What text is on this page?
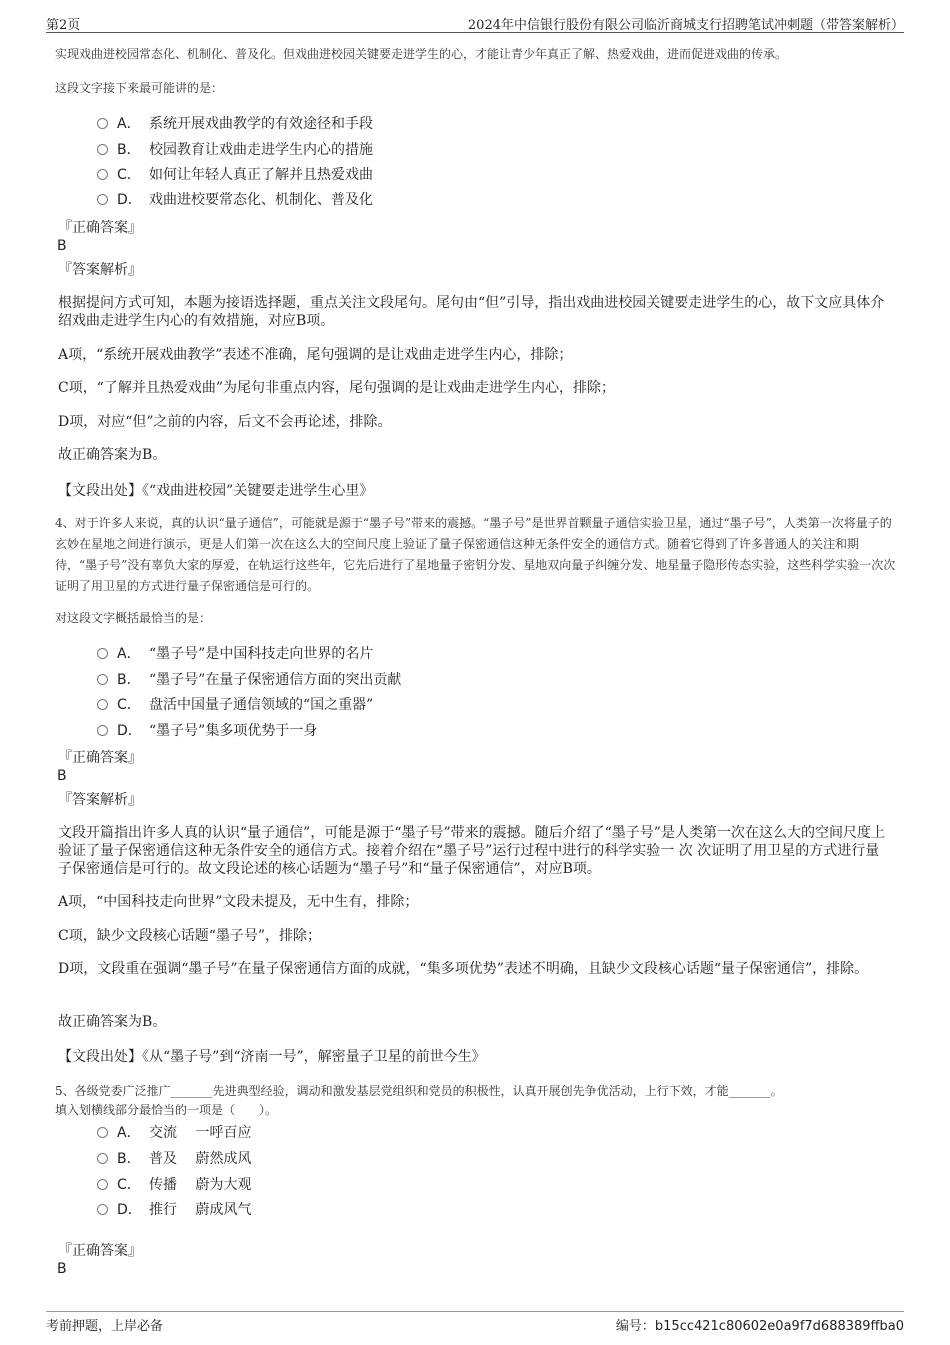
第2页	2024年中信银行股份有限公司临沂商城支行招聘笔试冲刺题（带答案解析）
实现戏曲进校园常态化、机制化、普及化。但戏曲进校园关键要走进学生的心，才能让青少年真正了解、热爱戏曲，进而促进戏曲的传承。
这段文字接下来最可能讲的是：
A． 系统开展戏曲教学的有效途径和手段
B． 校园教育让戏曲走进学生内心的措施
C． 如何让年轻人真正了解并且热爱戏曲
D． 戏曲进校要常态化、机制化、普及化
『正确答案』
B
『答案解析』
根据提问方式可知，本题为接语选择题，重点关注文段尾句。尾句由“但”引导，指出戏曲进校园关键要走进学生的心，故下文应具体介绍戏曲走进学生内心的有效措施，对应B项。
A项，“系统开展戏曲教学”表述不准确，尾句强调的是让戏曲走进学生内心，排除；
C项，“了解并且热爱戏曲”为尾句非重点内容，尾句强调的是让戏曲走进学生内心，排除；
D项，对应“但”之前的内容，后文不会再论述，排除。
故正确答案为B。
【文段出处】《“戏曲进校园”关键要走进学生心里》
4、对于许多人来说，真的认识“量子通信”，可能就是源于“墨子号”带来的震撼。“墨子号”是世界首颗量子通信实验卫星，通过“墨子号”，人类第一次将量子的玄妙在星地之间进行演示，更是人们第一次在这么大的空间尺度上验证了量子保密通信这种无条件安全的通信方式。随着它得到了许多普通人的关注和期待，“墨子号”没有辜负大家的厚爱，在轨运行这些年，它先后进行了星地量子密钥分发、星地双向量子纠缠分发、地星量子隐形传态实验，这些科学实验一次次证明了用卫星的方式进行量子保密通信是可行的。
对这段文字概括最恰当的是：
A． “墨子号”是中国科技走向世界的名片
B． “墨子号”在量子保密通信方面的突出贡献
C． 盘活中国量子通信领域的“国之重器”
D． “墨子号”集多项优势于一身
『正确答案』
B
『答案解析』
文段开篇指出许多人真的认识“量子通信”，可能是源于“墨子号”带来的震撼。随后介绍了“墨子号”是人类第一次在这么大的空间尺度上验证了量子保密通信这种无条件安全的通信方式。接着介绍在“墨子号”运行过程中进行的科学实验一 次 次证明了用卫星的方式进行量子保密通信是可行的。故文段论述的核心话题为“墨子号”和“量子保密通信”，对应B项。
A项，“中国科技走向世界”文段未提及，无中生有，排除；
C项，缺少文段核心话题“墨子号”，排除；
D项，文段重在强调“墨子号”在量子保密通信方面的成就，“集多项优势”表述不明确，且缺少文段核心话题“量子保密通信”，排除。
故正确答案为B。
【文段出处】《从“墨子号”到“济南一号”，解密量子卫星的前世今生》
5、各级党委广泛推广_______先进典型经验，调动和激发基层党组织和党员的积极性，认真开展创先争优活动，上行下效，才能_______。
填入划横线部分最恰当的一项是（　　）。
A． 交流　 一呼百应
B． 普及　 蔚然成风
C． 传播　 蔚为大观
D． 推行　 蔚成风气
『正确答案』
B
考前押题，上岸必备	编号：b15cc421c80602e0a9f7d688389ffba0
